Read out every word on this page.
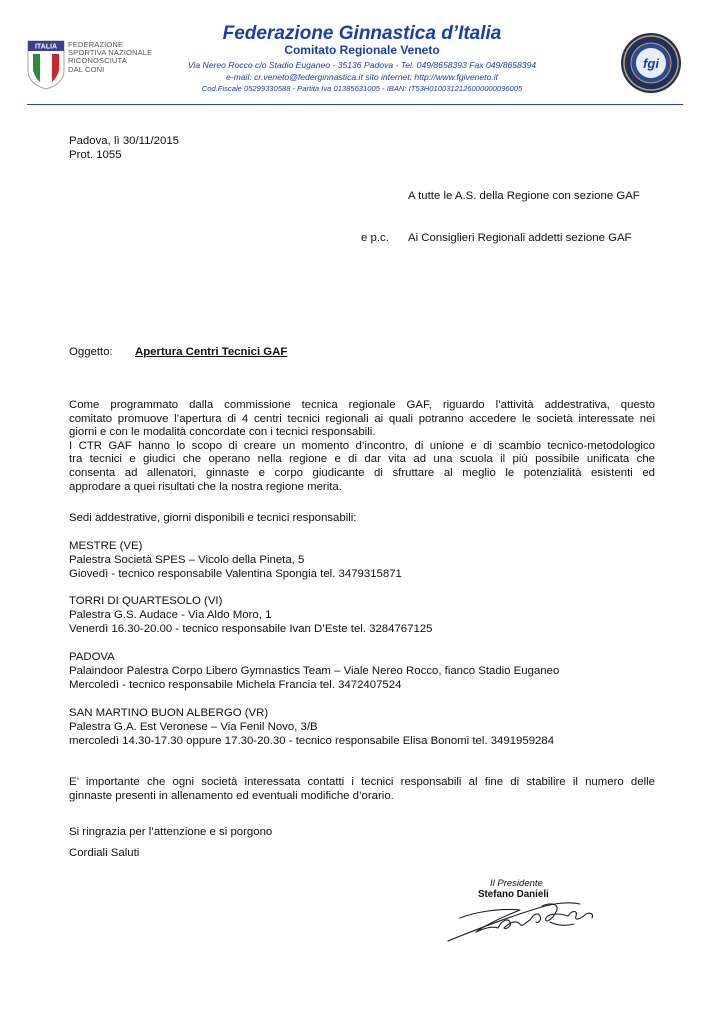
ITALIA FEDERAZIONE
SPORTIVA NAZIONALE
RICONOSCIUTA
DAL CONI
Federazione Ginnastica d’Italia
Comitato Regionale Veneto
Via Nereo Rocco c/o Stadio Euganeo - 35136 Padova - Tel. 049/8658393 Fax 049/8658394
e-mail: cr.veneto@federginnastica.it sito internet: http://www.fgiveneto.it
Cod.Fiscale 05299330588 - Partita Iva 01385631005 - IBAN: IT53H0100312126000000096005
fgi
Padova, lì 30/11/2015
Prot. 1055
A tutte le A.S. della Regione con sezione GAF
e p.c. Ai Consiglieri Regionali addetti sezione GAF
Oggetto: Apertura Centri Tecnici GAF
Come programmato dalla commissione tecnica regionale GAF, riguardo l’attività addestrativa, questo
comitato promuove l’apertura di 4 centri tecnici regionali ai quali potranno accedere le società interessate nei
giorni e con le modalità concordate con i tecnici responsabili.
I CTR GAF hanno lo scopo di creare un momento d’incontro, di unione e di scambio tecnico-metodologico
tra tecnici e giudici che operano nella regione e di dar vita ad una scuola il più possibile unificata che
consenta ad allenatori, ginnaste e corpo giudicante di sfruttare al meglio le potenzialità esistenti ed
approdare a quei risultati che la nostra regione merita.
Sedi addestrative, giorni disponibili e tecnici responsabili:
MESTRE (VE)
Palestra Società SPES – Vicolo della Pineta, 5
Giovedì - tecnico responsabile Valentina Spongia tel. 3479315871
TORRI DI QUARTESOLO (VI)
Palestra G.S. Audace - Via Aldo Moro, 1
Venerdì 16.30-20.00 - tecnico responsabile Ivan D’Este tel. 3284767125
PADOVA
Palaindoor Palestra Corpo Libero Gymnastics Team – Viale Nereo Rocco, fianco Stadio Euganeo
Mercoledì - tecnico responsabile Michela Francia tel. 3472407524
SAN MARTINO BUON ALBERGO (VR)
Palestra G.A. Est Veronese – Via Fenil Novo, 3/B
mercoledì 14.30-17.30 oppure 17.30-20.30 - tecnico responsabile Elisa Bonomi tel. 3491959284
E’ importante che ogni società interessata contatti i tecnici responsabili al fine di stabilire il numero delle
ginnaste presenti in allenamento ed eventuali modifiche d’orario.
Si ringrazia per l’attenzione e si porgono
Cordiali Saluti
Il Presidente
Stefano Danieli
